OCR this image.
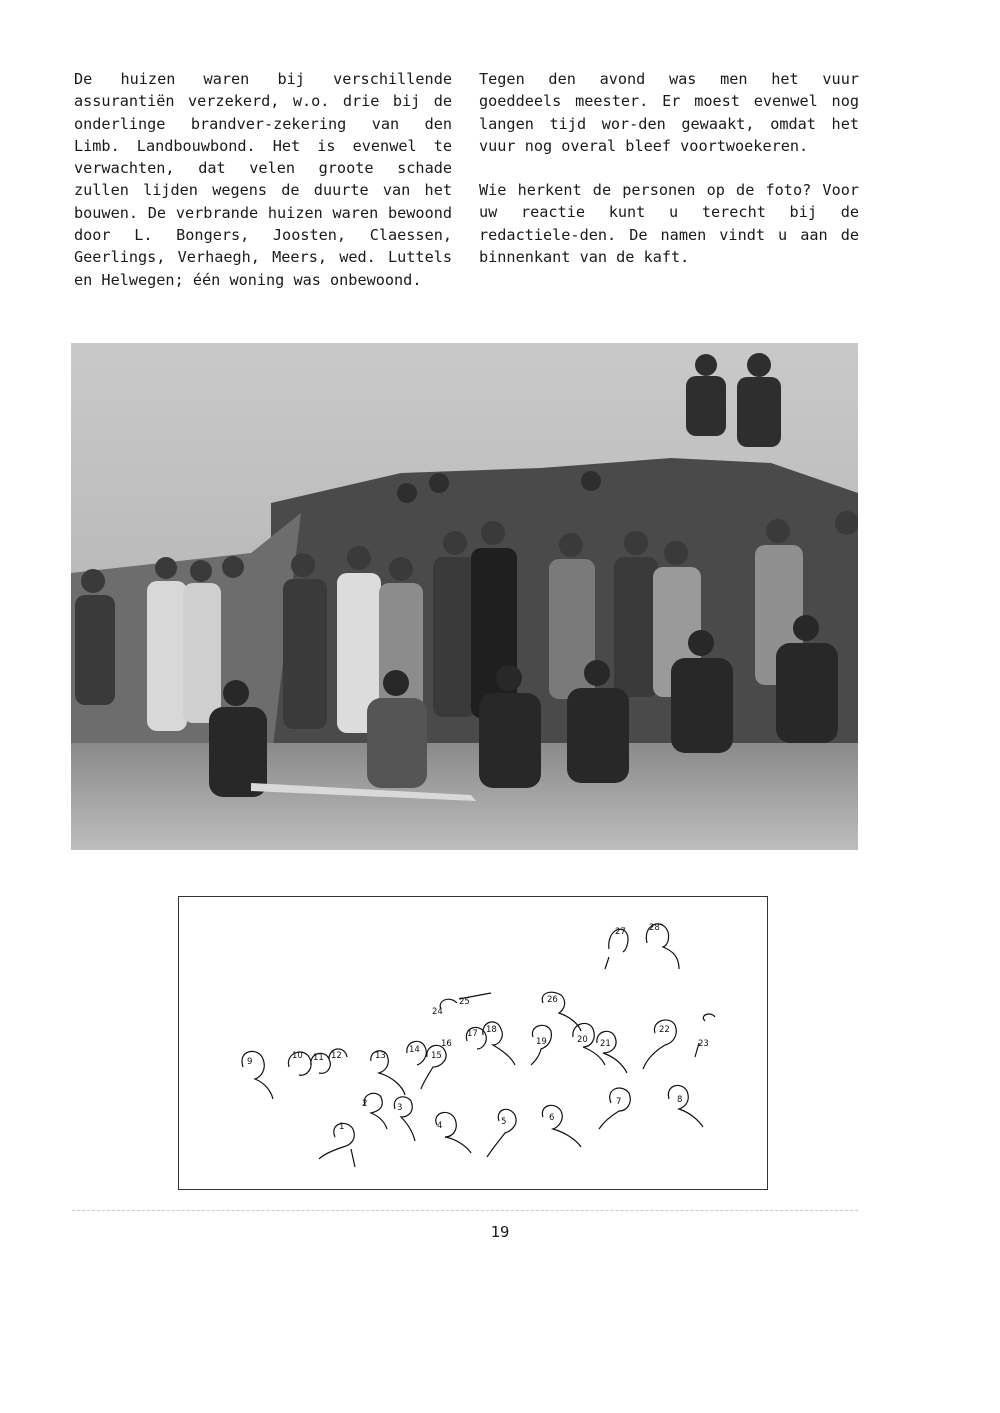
De huizen waren bij verschillende assurantiën verzekerd, w.o. drie bij de onderlinge brandver-zekering van den Limb. Landbouwbond. Het is evenwel te verwachten, dat velen groote schade zullen lijden wegens de duurte van het bouwen. De verbrande huizen waren bewoond door L. Bongers, Joosten, Claessen, Geerlings, Verhaegh, Meers, wed. Luttels en Helwegen; één woning was onbewoond.

Tegen den avond was men het vuur goeddeels meester. Er moest evenwel nog langen tijd wor-den gewaakt, omdat het vuur nog overal bleef voortwoekeren.

Wie herkent de personen op de foto? Voor uw reactie kunt u terecht bij de redactiele-den. De namen vindt u aan de binnenkant van de kaft.

1
2	3
4	5	6
7	8
9
10 11 12	13
14
15
16
17 18
19	20 21
22
23
24
25	26
27	28
19
